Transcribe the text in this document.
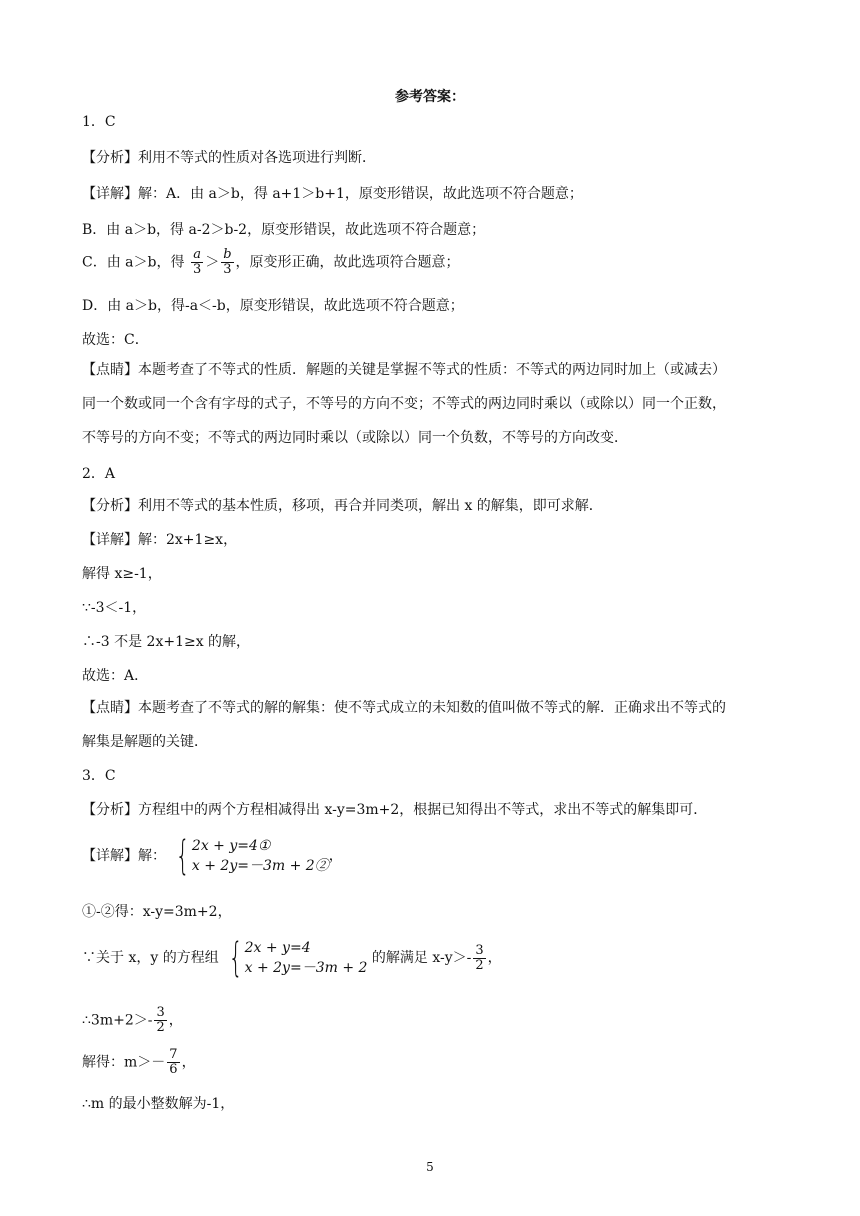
参考答案：
1．C
【分析】利用不等式的性质对各选项进行判断．
【详解】解：A．由 a＞b，得 a+1＞b+1，原变形错误，故此选项不符合题意；
B．由 a＞b，得 a-2＞b-2，原变形错误，故此选项不符合题意；
C．由 a＞b，得 $\frac{a}{3} > \frac{b}{3}$ ，原变形正确，故此选项符合题意；
D．由 a＞b，得-a＜-b，原变形错误，故此选项不符合题意；
故选：C．
【点睛】本题考查了不等式的性质．解题的关键是掌握不等式的性质：不等式的两边同时加上（或减去）
同一个数或同一个含有字母的式子，不等号的方向不变；不等式的两边同时乘以（或除以）同一个正数，
不等号的方向不变；不等式的两边同时乘以（或除以）同一个负数，不等号的方向改变．
2．A
【分析】利用不等式的基本性质，移项，再合并同类项，解出 x 的解集，即可求解．
【详解】解：2x+1≥x，
解得 x≥-1，
∵-3＜-1，
∴-3 不是 2x+1≥x 的解，
故选：A．
【点睛】本题考查了不等式的解的解集：使不等式成立的未知数的值叫做不等式的解．正确求出不等式的
解集是解题的关键．
3．C
【分析】方程组中的两个方程相减得出 x-y=3m+2，根据已知得出不等式，求出不等式的解集即可．
【详解】解： { 2x + y=4①
x + 2y=－3m + 2②
，
①-②得：x-y=3m+2，
∵关于 x，y 的方程组 { 2x + y=4
x + 2y=－3m + 2
的解满足 $x-y>- \frac{3}{2}$ ，
∴3m+2＞- $\frac{3}{2}$ ，
解得：$m>- \frac{7}{6}$ ，
∴m 的最小整数解为-1，
5
